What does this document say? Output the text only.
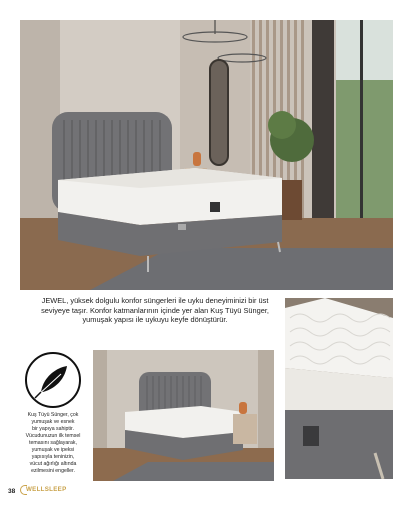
JEWEL, yüksek dolgulu konfor süngerleri ile uyku deneyiminizi bir üst
seviyeye taşır. Konfor katmanlarının içinde yer alan Kuş Tüyü Sünger,
yumuşak yapısı ile uykuyu keyfe dönüştürür.
Kuş Tüyü Sünger, çok
yumuşak ve esnek
bir yapıya sahiptir.
Vücudunuzun ilk temsel
temasını sağlayarak,
yumuşak ve ipeksi
yapısıyla teninizin,
vücut ağırlığı altında
ezilmesini engeller.
38 WELLSLEEP
